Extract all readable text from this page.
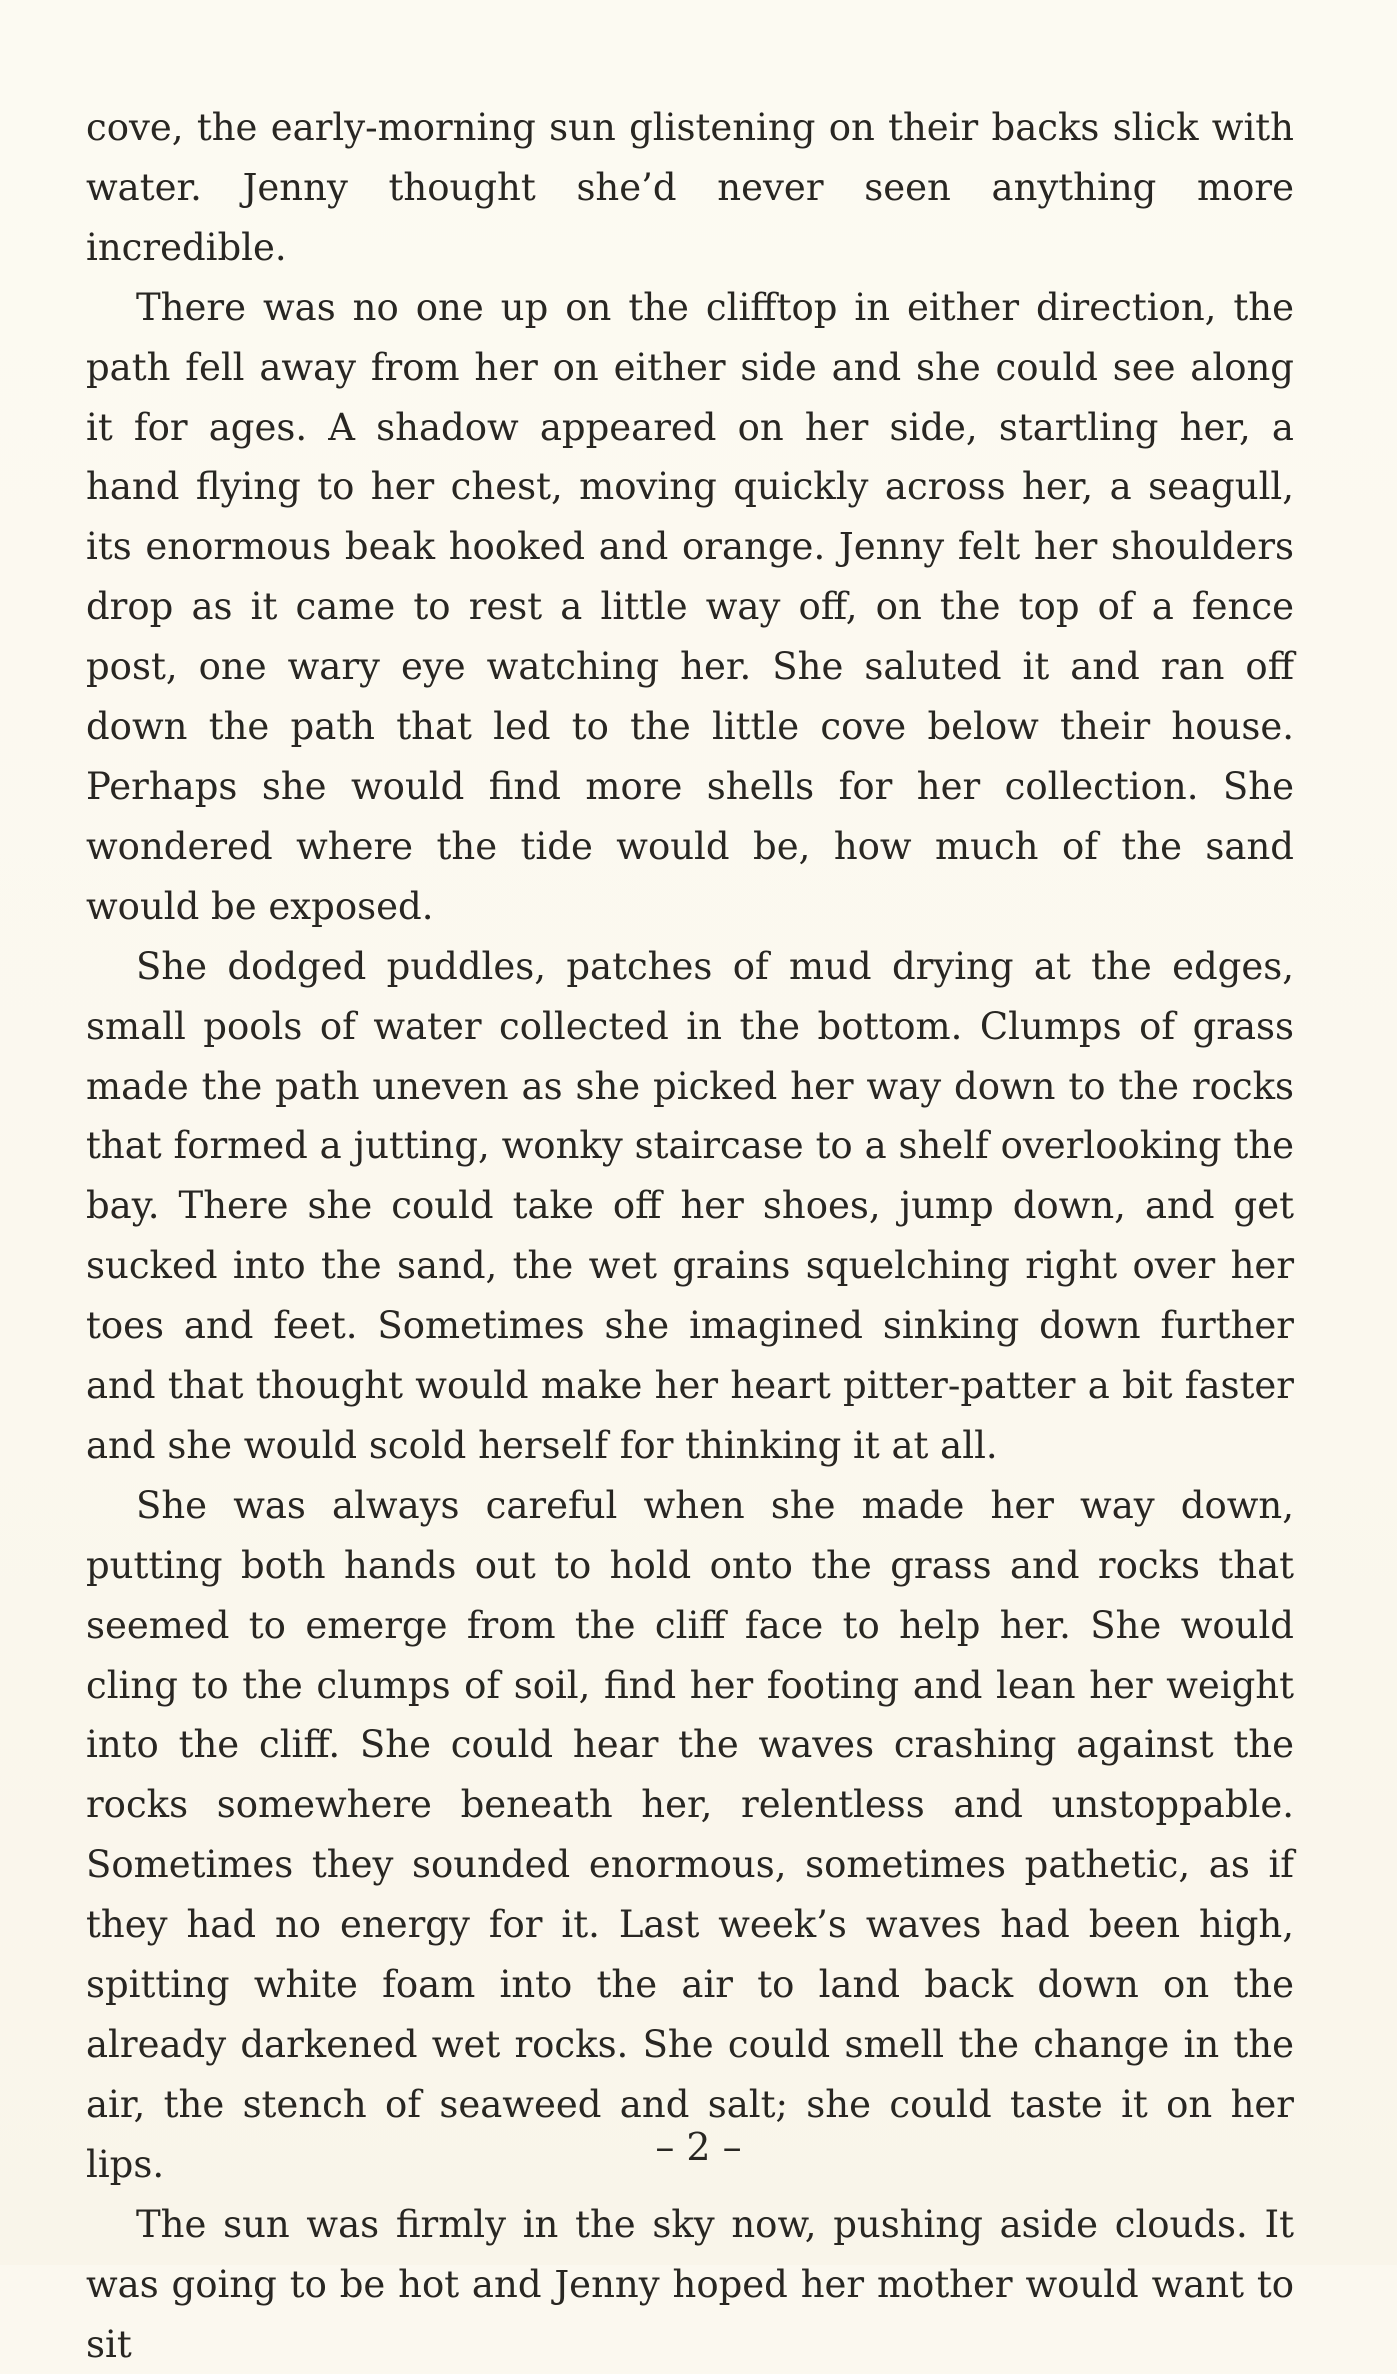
cove, the early-morning sun glistening on their backs slick with water. Jenny thought she’d never seen anything more incredible.

There was no one up on the clifftop in either direction, the path fell away from her on either side and she could see along it for ages. A shadow appeared on her side, startling her, a hand flying to her chest, moving quickly across her, a seagull, its enormous beak hooked and orange. Jenny felt her shoulders drop as it came to rest a little way off, on the top of a fence post, one wary eye watching her. She saluted it and ran off down the path that led to the little cove below their house. Perhaps she would find more shells for her collection. She wondered where the tide would be, how much of the sand would be exposed.

She dodged puddles, patches of mud drying at the edges, small pools of water collected in the bottom. Clumps of grass made the path uneven as she picked her way down to the rocks that formed a jutting, wonky staircase to a shelf overlooking the bay. There she could take off her shoes, jump down, and get sucked into the sand, the wet grains squelching right over her toes and feet. Sometimes she imagined sinking down further and that thought would make her heart pitter-patter a bit faster and she would scold herself for thinking it at all.

She was always careful when she made her way down, putting both hands out to hold onto the grass and rocks that seemed to emerge from the cliff face to help her. She would cling to the clumps of soil, find her footing and lean her weight into the cliff. She could hear the waves crashing against the rocks somewhere beneath her, relentless and unstoppable. Sometimes they sounded enormous, sometimes pathetic, as if they had no energy for it. Last week’s waves had been high, spitting white foam into the air to land back down on the already darkened wet rocks. She could smell the change in the air, the stench of seaweed and salt; she could taste it on her lips.

The sun was firmly in the sky now, pushing aside clouds. It was going to be hot and Jenny hoped her mother would want to sit

– 2 –
